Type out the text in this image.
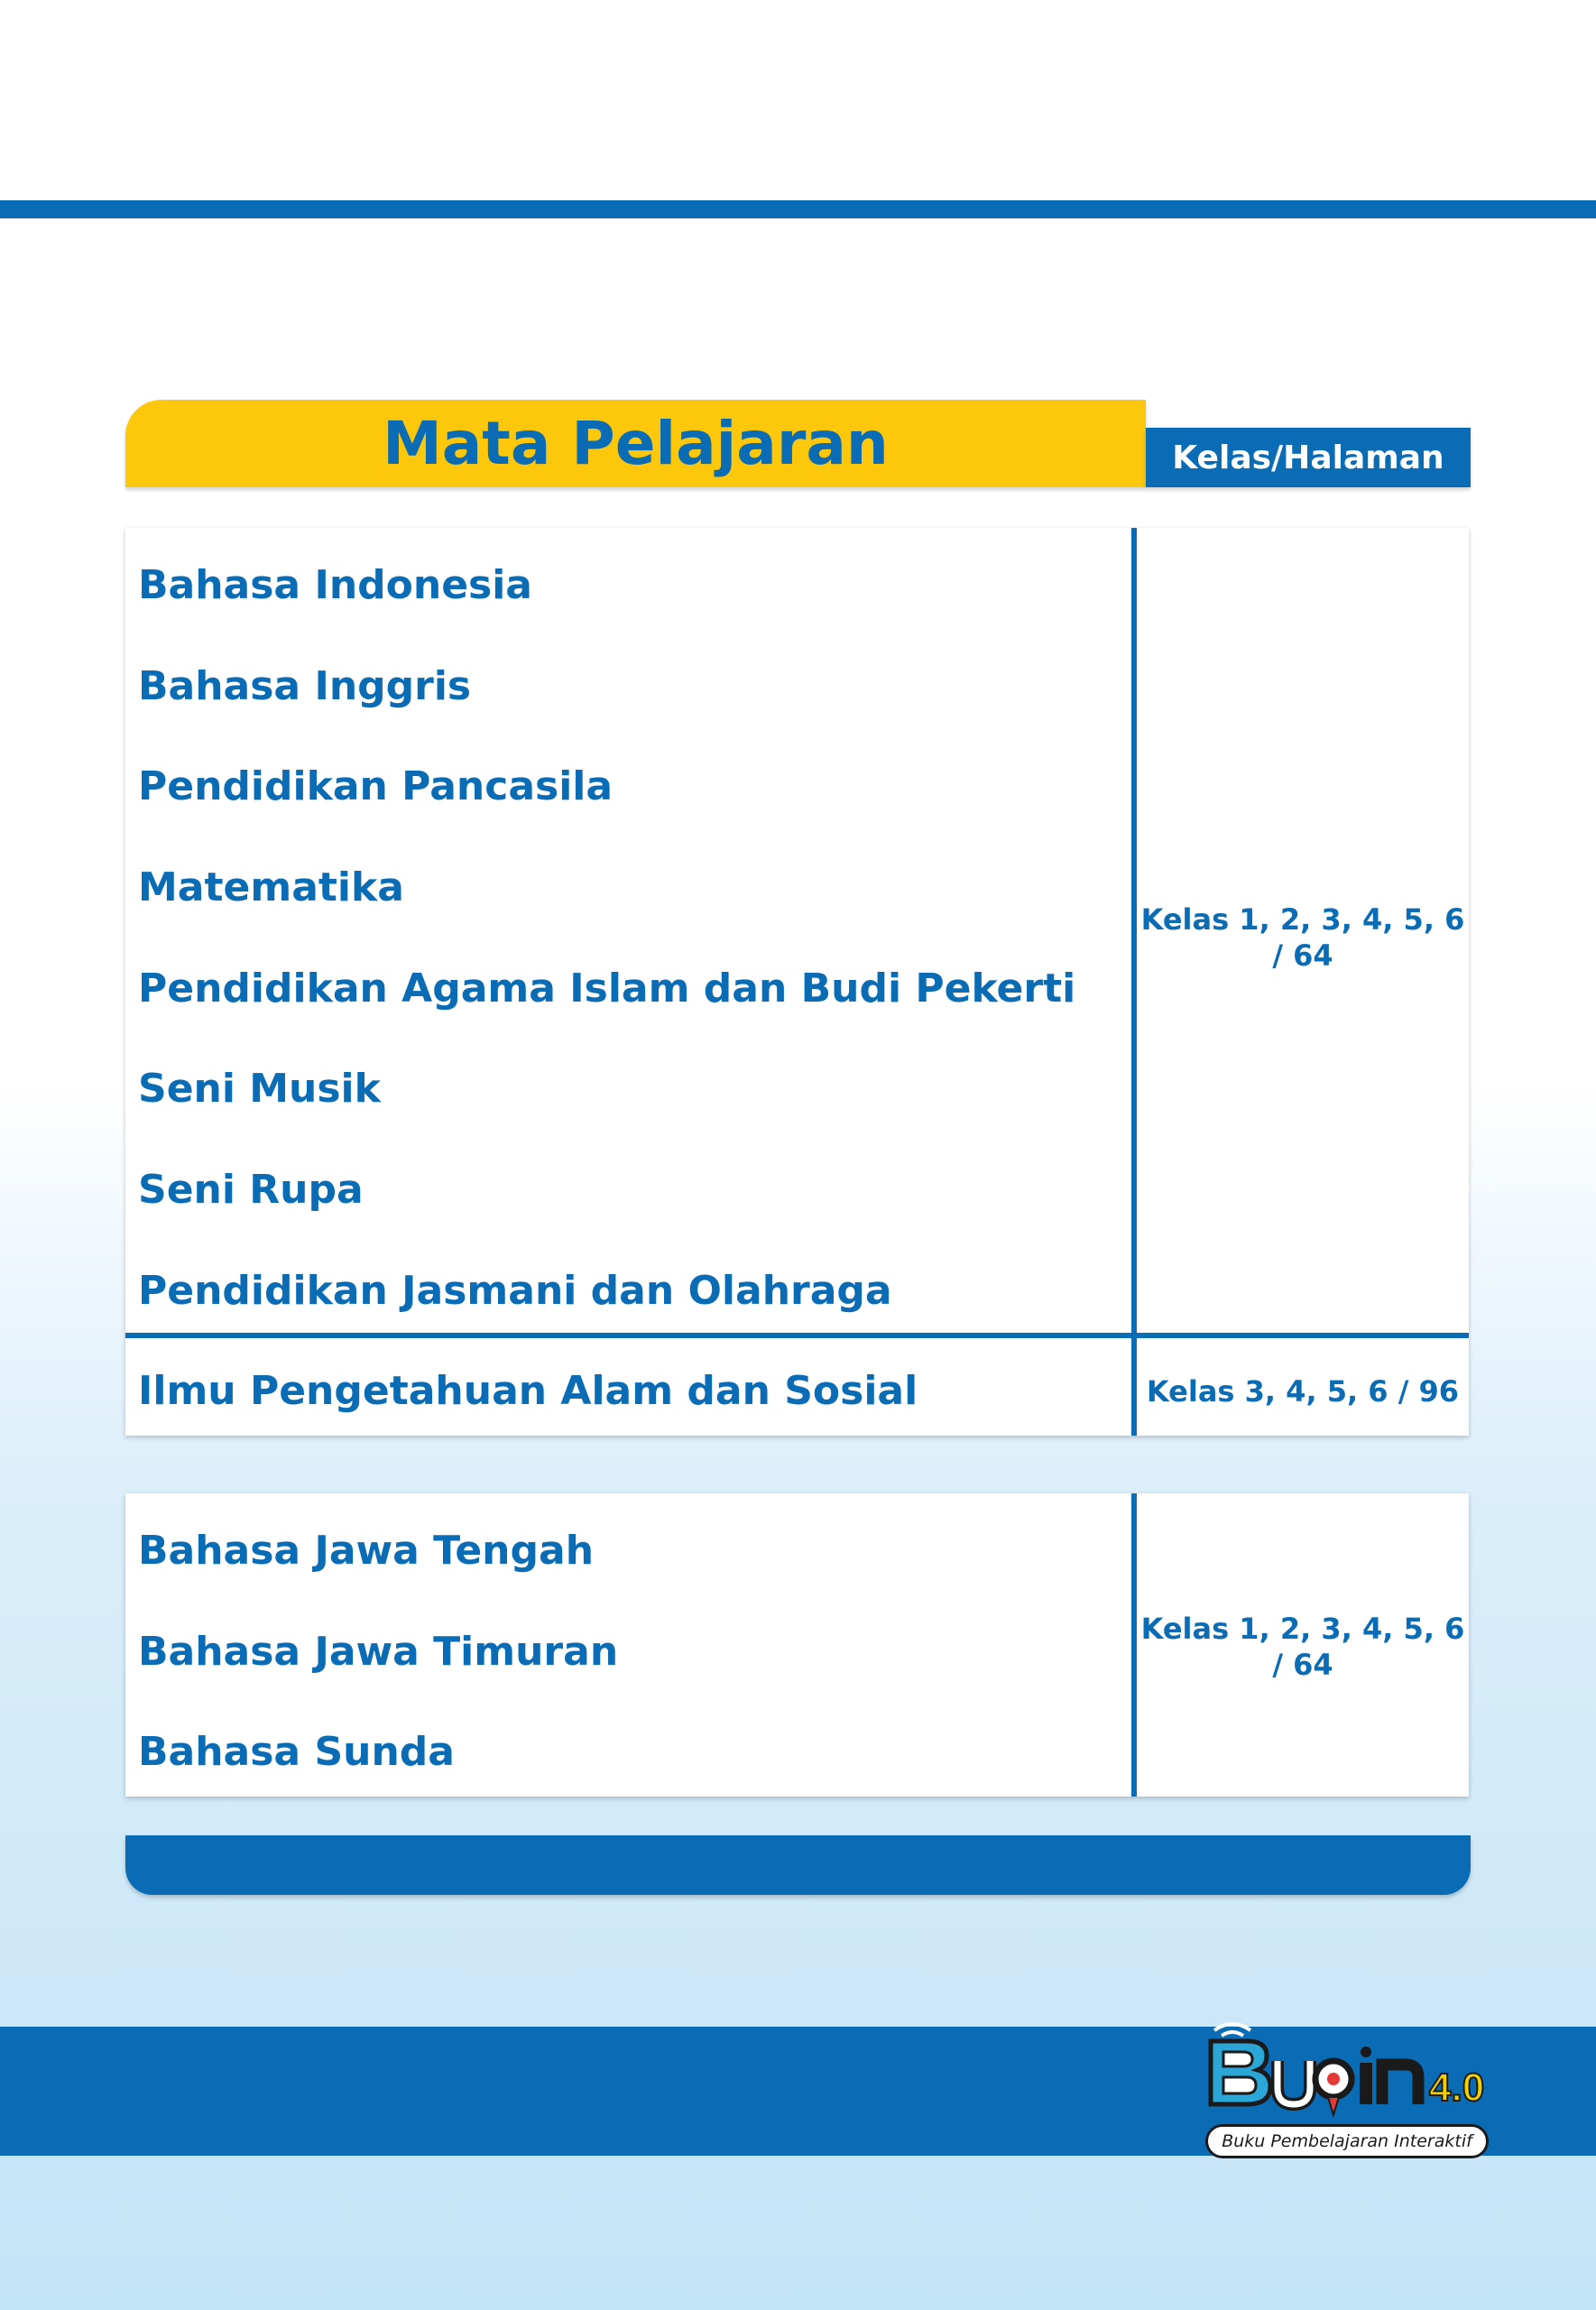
Mata Pelajaran	Kelas/Halaman
Bahasa Indonesia
Bahasa Inggris
Pendidikan Pancasila
Matematika
Pendidikan Agama Islam dan Budi Pekerti
Seni Musik
Seni Rupa
Pendidikan Jasmani dan Olahraga
Kelas 1, 2, 3, 4, 5, 6
/ 64
Ilmu Pengetahuan Alam dan Sosial	Kelas 3, 4, 5, 6 / 96
Bahasa Jawa Tengah
Bahasa Jawa Timuran
Bahasa Sunda
Kelas 1, 2, 3, 4, 5, 6
/ 64
4.0
Buku Pembelajaran Interaktif
